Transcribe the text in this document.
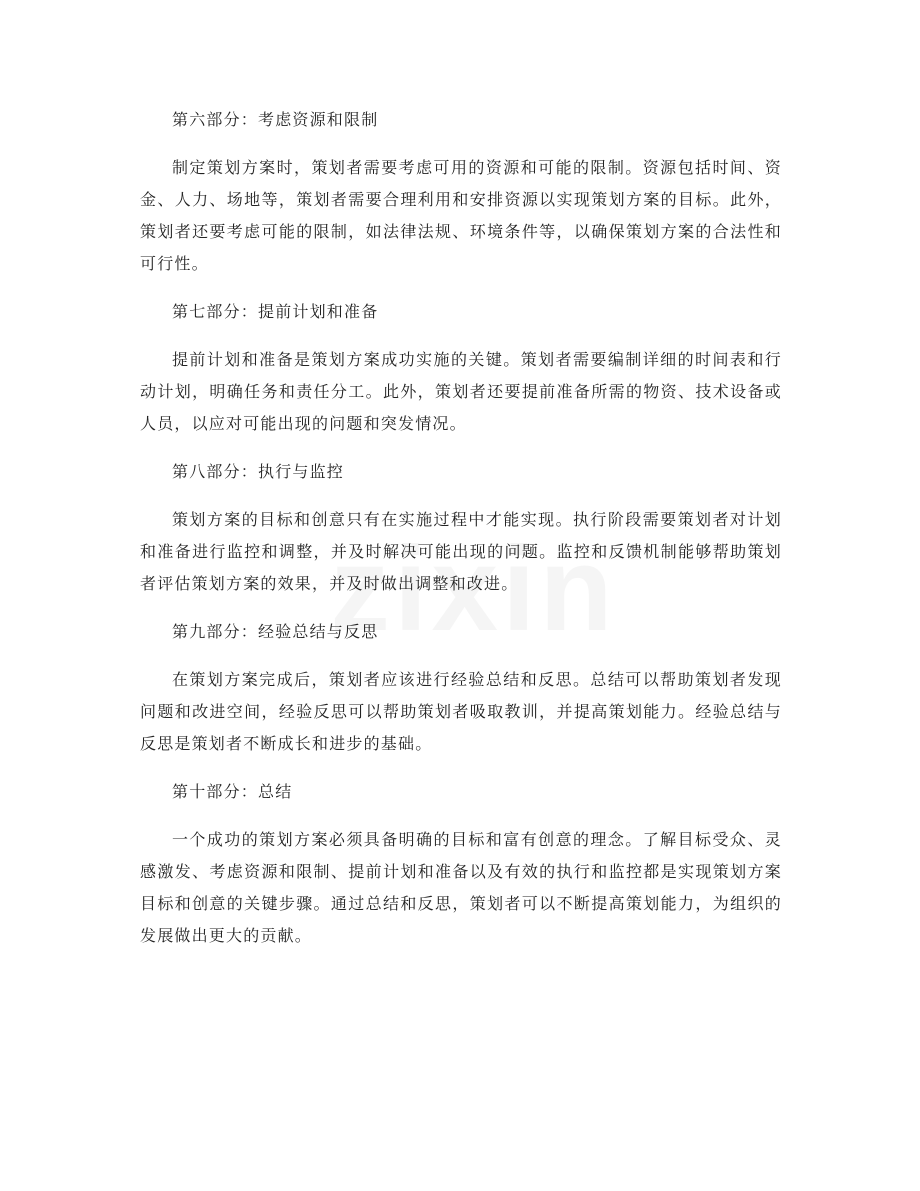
第六部分：考虑资源和限制
制定策划方案时，策划者需要考虑可用的资源和可能的限制。资源包括时间、资金、人力、场地等，策划者需要合理利用和安排资源以实现策划方案的目标。此外，策划者还要考虑可能的限制，如法律法规、环境条件等，以确保策划方案的合法性和可行性。
第七部分：提前计划和准备
提前计划和准备是策划方案成功实施的关键。策划者需要编制详细的时间表和行动计划，明确任务和责任分工。此外，策划者还要提前准备所需的物资、技术设备或人员，以应对可能出现的问题和突发情况。
第八部分：执行与监控
策划方案的目标和创意只有在实施过程中才能实现。执行阶段需要策划者对计划和准备进行监控和调整，并及时解决可能出现的问题。监控和反馈机制能够帮助策划者评估策划方案的效果，并及时做出调整和改进。
第九部分：经验总结与反思
在策划方案完成后，策划者应该进行经验总结和反思。总结可以帮助策划者发现问题和改进空间，经验反思可以帮助策划者吸取教训，并提高策划能力。经验总结与反思是策划者不断成长和进步的基础。
第十部分：总结
一个成功的策划方案必须具备明确的目标和富有创意的理念。了解目标受众、灵感激发、考虑资源和限制、提前计划和准备以及有效的执行和监控都是实现策划方案目标和创意的关键步骤。通过总结和反思，策划者可以不断提高策划能力，为组织的发展做出更大的贡献。
